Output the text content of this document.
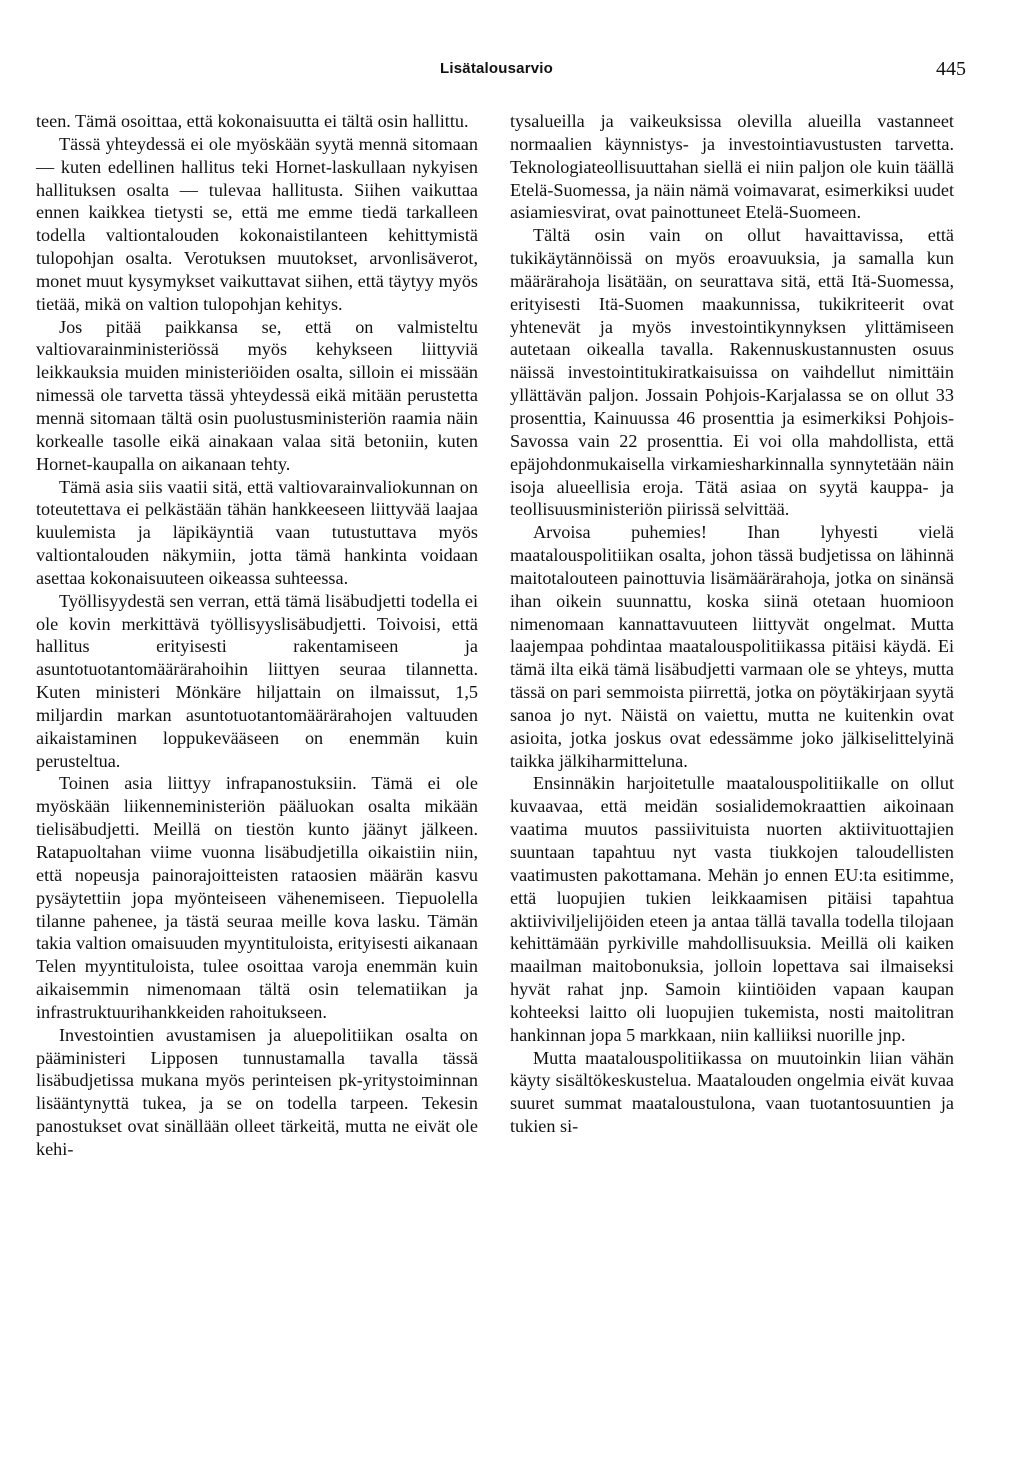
Lisätalousarvio	445

teen. Tämä osoittaa, että kokonaisuutta ei tältä osin hallittu.

Tässä yhteydessä ei ole myöskään syytä mennä sitomaan — kuten edellinen hallitus teki Hornet-laskullaan nykyisen hallituksen osalta — tulevaa hallitusta. Siihen vaikuttaa ennen kaikkea tietysti se, että me emme tiedä tarkalleen todella valtiontalouden kokonaistilanteen kehittymistä tulopohjan osalta. Verotuksen muutokset, arvonlisäverot, monet muut kysymykset vaikuttavat siihen, että täytyy myös tietää, mikä on valtion tulopohjan kehitys.

Jos pitää paikkansa se, että on valmisteltu valtiovarainministeriössä myös kehykseen liittyviä leikkauksia muiden ministeriöiden osalta, silloin ei missään nimessä ole tarvetta tässä yhteydessä eikä mitään perustetta mennä sitomaan tältä osin puolustusministeriön raamia näin korkealle tasolle eikä ainakaan valaa sitä betoniin, kuten Hornet-kaupalla on aikanaan tehty.

Tämä asia siis vaatii sitä, että valtiovarainvaliokunnan on toteutettava ei pelkästään tähän hankkeeseen liittyvää laajaa kuulemista ja läpikäyntiä vaan tutustuttava myös valtiontalouden näkymiin, jotta tämä hankinta voidaan asettaa kokonaisuuteen oikeassa suhteessa.

Työllisyydestä sen verran, että tämä lisäbudjetti todella ei ole kovin merkittävä työllisyyslisäbudjetti. Toivoisi, että hallitus erityisesti rakentamiseen ja asuntotuotantomäärärahoihin liittyen seuraa tilannetta. Kuten ministeri Mönkäre hiljattain on ilmaissut, 1,5 miljardin markan asuntotuotantomäärärahojen valtuuden aikaistaminen loppukevääseen on enemmän kuin perusteltua.

Toinen asia liittyy infrapanostuksiin. Tämä ei ole myöskään liikenneministeriön pääluokan osalta mikään tielisäbudjetti. Meillä on tiestön kunto jäänyt jälkeen. Ratapuoltahan viime vuonna lisäbudjetilla oikaistiin niin, että nopeusja painorajoitteisten rataosien määrän kasvu pysäytettiin jopa myönteiseen vähenemiseen. Tiepuolella tilanne pahenee, ja tästä seuraa meille kova lasku. Tämän takia valtion omaisuuden myyntituloista, erityisesti aikanaan Telen myyntituloista, tulee osoittaa varoja enemmän kuin aikaisemmin nimenomaan tältä osin telematiikan ja infrastruktuurihankkeiden rahoitukseen.

Investointien avustamisen ja aluepolitiikan osalta on pääministeri Lipposen tunnustamalla tavalla tässä lisäbudjetissa mukana myös perinteisen pk-yritystoiminnan lisääntynyttä tukea, ja se on todella tarpeen. Tekesin panostukset ovat sinällään olleet tärkeitä, mutta ne eivät ole kehi-

tysalueilla ja vaikeuksissa olevilla alueilla vastanneet normaalien käynnistys- ja investointiavustusten tarvetta. Teknologiateollisuuttahan siellä ei niin paljon ole kuin täällä Etelä-Suomessa, ja näin nämä voimavarat, esimerkiksi uudet asiamiesvirat, ovat painottuneet Etelä-Suomeen.

Tältä osin vain on ollut havaittavissa, että tukikäytännöissä on myös eroavuuksia, ja samalla kun määrärahoja lisätään, on seurattava sitä, että Itä-Suomessa, erityisesti Itä-Suomen maakunnissa, tukikriteerit ovat yhtenevät ja myös investointikynnyksen ylittämiseen autetaan oikealla tavalla. Rakennuskustannusten osuus näissä investointitukiratkaisuissa on vaihdellut nimittäin yllättävän paljon. Jossain Pohjois-Karjalassa se on ollut 33 prosenttia, Kainuussa 46 prosenttia ja esimerkiksi Pohjois-Savossa vain 22 prosenttia. Ei voi olla mahdollista, että epäjohdonmukaisella virkamiesharkinnalla synnytetään näin isoja alueellisia eroja. Tätä asiaa on syytä kauppa- ja teollisuusministeriön piirissä selvittää.

Arvoisa puhemies! Ihan lyhyesti vielä maatalouspolitiikan osalta, johon tässä budjetissa on lähinnä maitotalouteen painottuvia lisämäärärahoja, jotka on sinänsä ihan oikein suunnattu, koska siinä otetaan huomioon nimenomaan kannattavuuteen liittyvät ongelmat. Mutta laajempaa pohdintaa maatalouspolitiikassa pitäisi käydä. Ei tämä ilta eikä tämä lisäbudjetti varmaan ole se yhteys, mutta tässä on pari semmoista piirrettä, jotka on pöytäkirjaan syytä sanoa jo nyt. Näistä on vaiettu, mutta ne kuitenkin ovat asioita, jotka joskus ovat edessämme joko jälkiselittelyinä taikka jälkiharmitteluna.

Ensinnäkin harjoitetulle maatalouspolitiikalle on ollut kuvaavaa, että meidän sosialidemokraattien aikoinaan vaatima muutos passiivituista nuorten aktiivituottajien suuntaan tapahtuu nyt vasta tiukkojen taloudellisten vaatimusten pakottamana. Mehän jo ennen EU:ta esitimme, että luopujien tukien leikkaamisen pitäisi tapahtua aktiiviviljelijöiden eteen ja antaa tällä tavalla todella tilojaan kehittämään pyrkiville mahdollisuuksia. Meillä oli kaiken maailman maitobonuksia, jolloin lopettava sai ilmaiseksi hyvät rahat jnp. Samoin kiintiöiden vapaan kaupan kohteeksi laitto oli luopujien tukemista, nosti maitolitran hankinnan jopa 5 markkaan, niin kalliiksi nuorille jnp.

Mutta maatalouspolitiikassa on muutoinkin liian vähän käyty sisältökeskustelua. Maatalouden ongelmia eivät kuvaa suuret summat maataloustulona, vaan tuotantosuuntien ja tukien si-
